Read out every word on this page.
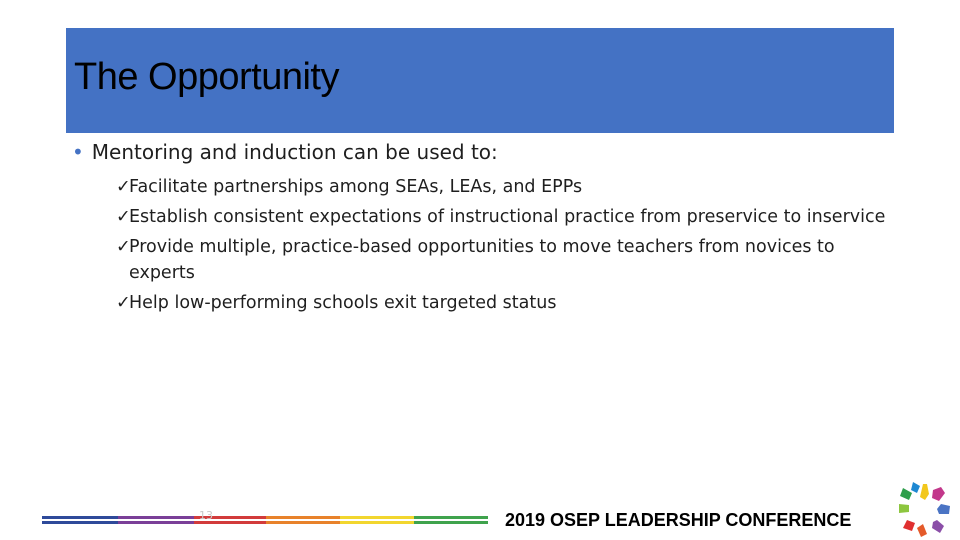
The Opportunity
• Mentoring and induction can be used to:
✓Facilitate partnerships among SEAs, LEAs, and EPPs
✓Establish consistent expectations of instructional practice from preservice to inservice
✓Provide multiple, practice-based opportunities to move teachers from novices to experts
✓Help low-performing schools exit targeted status
13	2019 OSEP LEADERSHIP CONFERENCE
